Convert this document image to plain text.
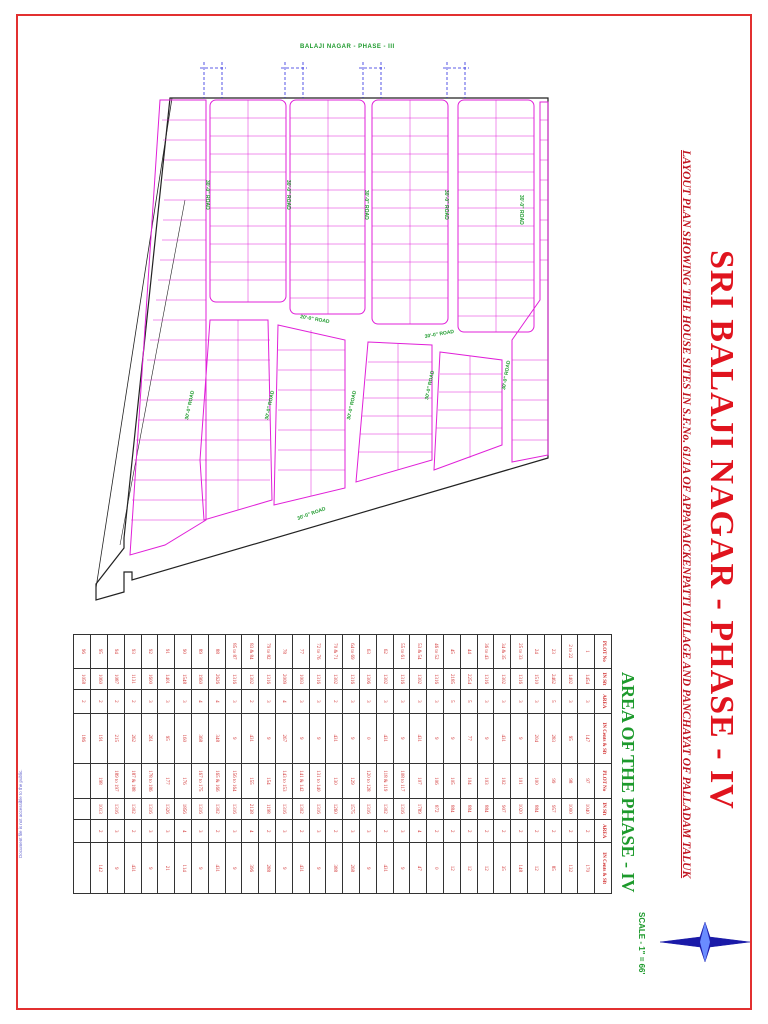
30'-0" ROAD	30'-0" ROAD	30'-0" ROAD	30'-0" ROAD	30'-0" ROAD
20'-0" ROAD
30'-0" ROAD
30'-0" ROAD	30'-0" ROAD	30'-0" ROAD
30'-0" ROAD	30'-0" ROAD
30'-0" ROAD	SRI BALAJI NAGAR - PHASE - IV
LAYOUT PLAN SHOWING THE HOUSE SITES IN S.F.No. 61/1A OF APPANAICKENPATTI VILLAGE AND PANCHAYAT OF PALLADAM TALUK
BALAJI NAGAR - PHASE - III
AREA OF THE PHASE - IV
SCALE - 1" = 66'	N
Document file is not accessible to the public.
PLOT No	IN Sft	AREA	IN Cents & Sft	PLOT No	IN Sft	AREA	IN Cents & Sft
1	1454	3	147	97	1040	2	170
2 to 22	1402	3	95	98	1000	2	132
23	2462	5	283	99	957	2	85
24	1510	3	204	100	884	2	12
25 to 33	1316	3	9	101	1020	2	148
34 & 35	1302	3	431	102	907	2	35
36 to 43	1316	3	9	103	884	2	12
44	2254	5	77	104	884	2	12
45	2185	5	9	105	884	2	12
46 to 52	1316	3	9	106	872	2	0
53 & 54	1302	3	431	107	1789	4	47
55 to 61	1316	3	9	108 to 117	1316	3	9
62	1302	3	431	118 & 119	1302	2	431
63	1306	3	0	120 to 128	1316	3	9
64 to 69	1316	3	9	129	1575	3	268
70 & 71	1302	2	431	130	1260	2	388
72 to 76	1316	3	9	131 to 140	1316	3	9
77	1003	3	9	141 & 142	1302	2	431
78	2009	4	267	143 to 153	1316	3	9
79 to 82	1316	3	9	154	1198	2	288
83 & 84	1302	2	431	155	2138	4	396
85 to 87	1316	3	9	156 to 164	1316	3	9
88	2626	4	348	165 & 166	1302	2	431
89	1960	4	368	167 to 175	1316	3	9
90	1548	3	160	176	1856	4	114
91	1401	3	95	177	1326	3	21
92	1600	3	261	178 to 186	1316	3	9
93	1131	2	262	187 & 188	1302	2	431
94	1087	2	215	189 to 197	1316	3	9
95	1060	2	191	198	1013	2	142
96	1058	2	186				
